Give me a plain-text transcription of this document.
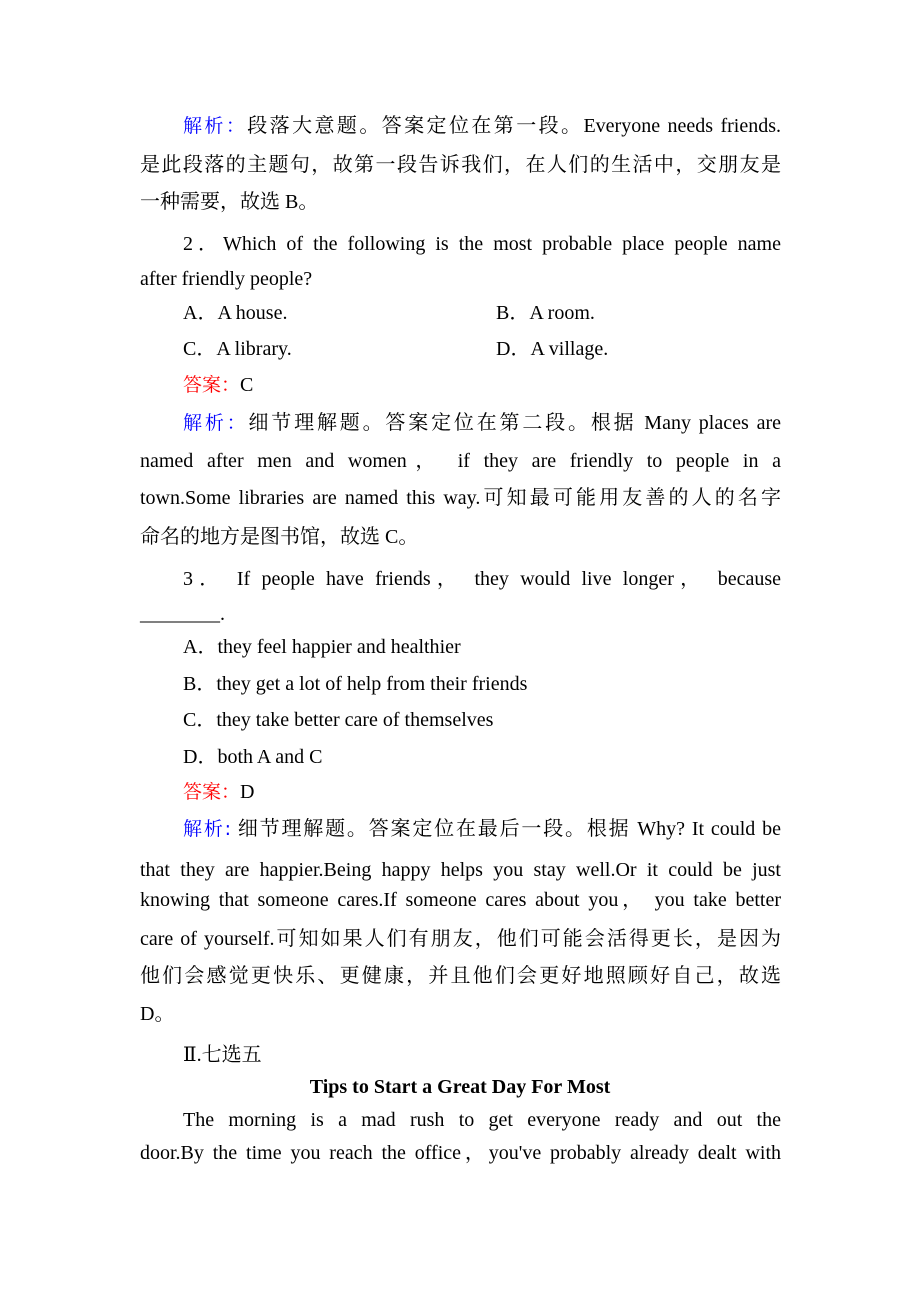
解析：段落大意题。答案定位在第一段。Everyone needs friends.
是此段落的主题句，故第一段告诉我们，在人们的生活中，交朋友是
一种需要，故选 B。
2．Which of the following is the most probable place people name
after friendly people?
A．A house.	B．A room.
C．A library.	D．A village.
答案：C
解析：细节理解题。答案定位在第二段。根据 Many places are
named after men and women， if they are friendly to people in a
town.Some libraries are named this way.可知最可能用友善的人的名字
命名的地方是图书馆，故选 C。
3． If people have friends， they would live longer， because
________.
A．they feel happier and healthier
B．they get a lot of help from their friends
C．they take better care of themselves
D．both A and C
答案：D
解析: 细节理解题。答案定位在最后一段。根据 Why? It could be
that they are happier.Being happy helps you stay well.Or it could be just
knowing that someone cares.If someone cares about you， you take better
care of yourself.可知如果人们有朋友，他们可能会活得更长，是因为
他们会感觉更快乐、更健康，并且他们会更好地照顾好自己，故选
D。
Ⅱ.七选五
Tips to Start a Great Day For Most
The morning is a mad rush to get everyone ready and out the
door.By the time you reach the office，you've probably already dealt with
